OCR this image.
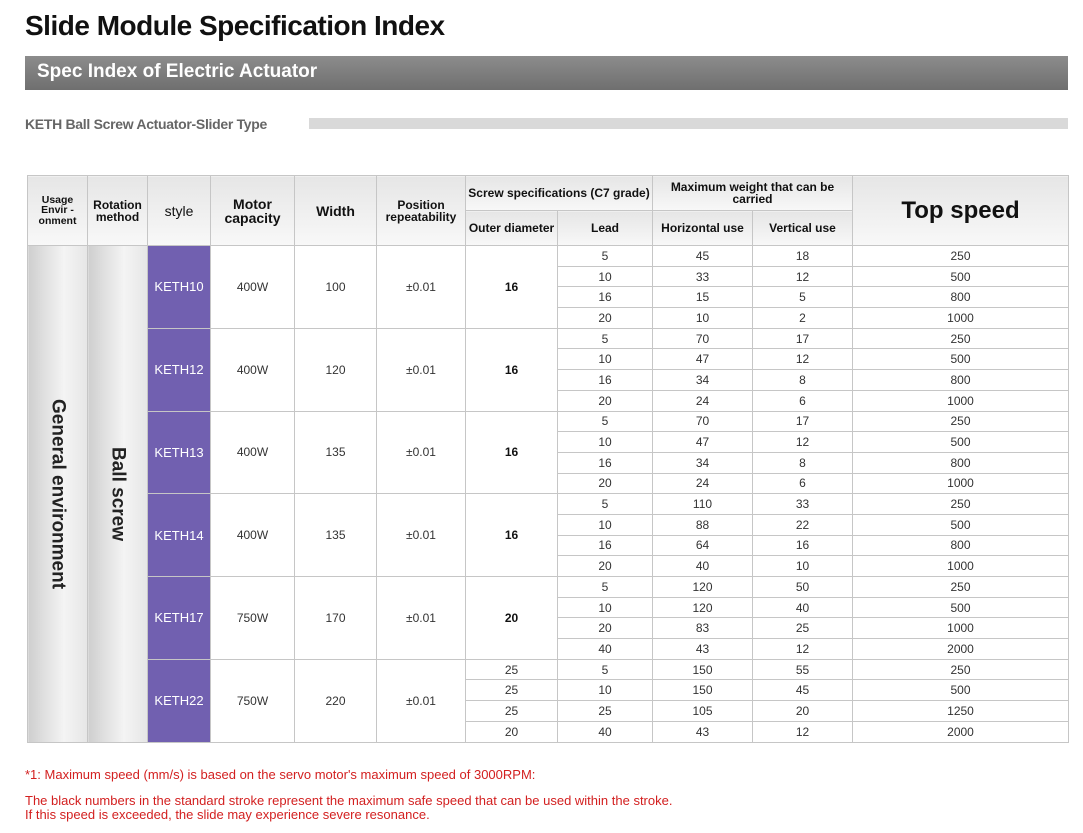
Slide Module Specification Index
Spec Index of Electric Actuator
KETH Ball Screw Actuator-Slider Type
Usage Envir -onment	Rotation method	style	Motor capacity	Width	Position repeatability	Screw specifications (C7 grade)		Maximum weight that can be carried		Top speed
						Outer diameter	Lead	Horizontal use	Vertical use	

General environment	Ball screw	KETH10	400W	100	±0.01	16	5	45	18	250
							10	33	12	500
							16	15	5	800
							20	10	2	1000
		KETH12	400W	120	±0.01	16	5	70	17	250
							10	47	12	500
							16	34	8	800
							20	24	6	1000
		KETH13	400W	135	±0.01	16	5	70	17	250
							10	47	12	500
							16	34	8	800
							20	24	6	1000
		KETH14	400W	135	±0.01	16	5	110	33	250
							10	88	22	500
							16	64	16	800
							20	40	10	1000
		KETH17	750W	170	±0.01	20	5	120	50	250
							10	120	40	500
							20	83	25	1000
							40	43	12	2000
		KETH22	750W	220	±0.01	25	5	150	55	250
						25	10	150	45	500
						25	25	105	20	1250
						20	40	43	12	2000

*1: Maximum speed (mm/s) is based on the servo motor's maximum speed of 3000RPM:

The black numbers in the standard stroke represent the maximum safe speed that can be used within the stroke.

If this speed is exceeded, the slide may experience severe resonance.
